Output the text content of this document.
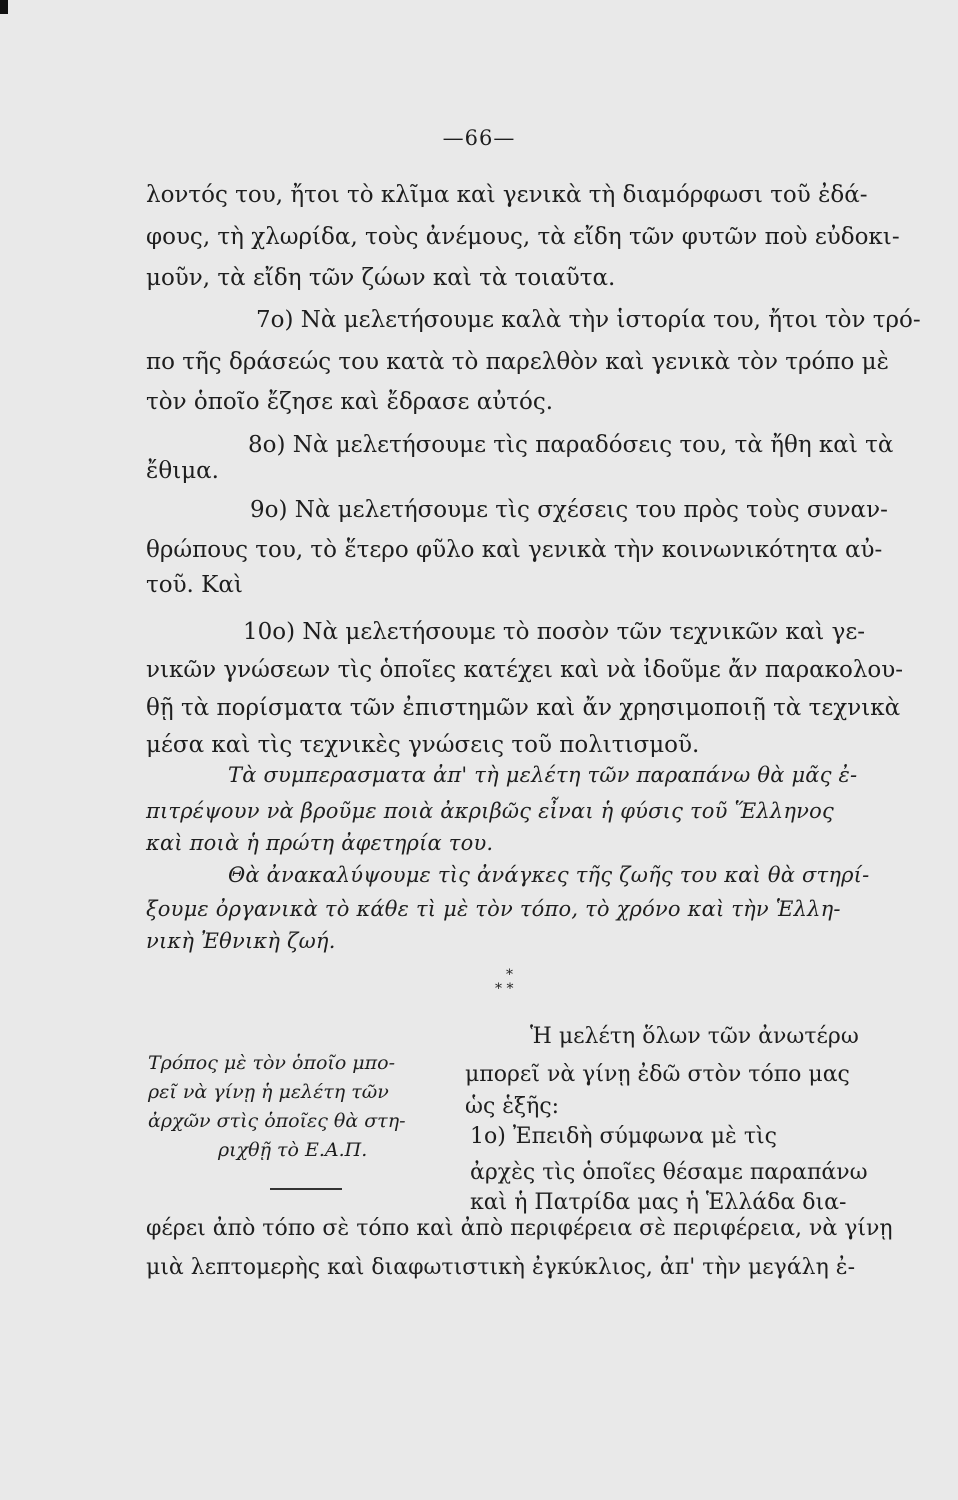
—66—
λοντός του, ἤτοι τὸ κλῖμα καὶ γενικὰ τὴ διαμόρφωσι τοῦ ἐδά-
φους, τὴ χλωρίδα, τοὺς ἀνέμους, τὰ εἴδη τῶν φυτῶν ποὺ εὐδοκι-
μοῦν, τὰ εἴδη τῶν ζώων καὶ τὰ τοιαῦτα.
7ο) Νὰ μελετήσουμε καλὰ τὴν ἱστορία του, ἤτοι τὸν τρό-
πο τῆς δράσεώς του κατὰ τὸ παρελθὸν καὶ γενικὰ τὸν τρόπο μὲ
τὸν ὁποῖο ἔζησε καὶ ἔδρασε αὐτός.
8ο) Νὰ μελετήσουμε τὶς παραδόσεις του, τὰ ἤθη καὶ τὰ
ἔθιμα.
9ο) Νὰ μελετήσουμε τὶς σχέσεις του πρὸς τοὺς συναν-
θρώπους του, τὸ ἕτερο φῦλο καὶ γενικὰ τὴν κοινωνικότητα αὐ-
τοῦ. Καὶ
10ο) Νὰ μελετήσουμε τὸ ποσὸν τῶν τεχνικῶν καὶ γε-
νικῶν γνώσεων τὶς ὁποῖες κατέχει καὶ νὰ ἰδοῦμε ἄν παρακολου-
θῇ τὰ πορίσματα τῶν ἐπιστημῶν καὶ ἄν χρησιμοποιῇ τὰ τεχνικὰ
μέσα καὶ τὶς τεχνικὲς γνώσεις τοῦ πολιτισμοῦ.
Τὰ συμπερασματα ἀπ' τὴ μελέτη τῶν παραπάνω θὰ μᾶς ἐ-
πιτρέψουν νὰ βροῦμε ποιὰ ἀκριβῶς εἶναι ἡ φύσις τοῦ Ἕλληνος
καὶ ποιὰ ἡ πρώτη ἀφετηρία του.
Θὰ ἀνακαλύψουμε τὶς ἀνάγκες τῆς ζωῆς του καὶ θὰ στηρί-
ξουμε ὀργανικὰ τὸ κάθε τὶ μὲ τὸν τόπο, τὸ χρόνο καὶ τὴν Ἑλλη-
νικὴ Ἐθνικὴ ζωή.
*
* *
Τρόπος μὲ τὸν ὁποῖο μπο-
ρεῖ νὰ γίνῃ ἡ μελέτη τῶν
ἀρχῶν στὶς ὁποῖες θὰ στη-
ριχθῇ τὸ Ε.Α.Π.
Ἡ μελέτη ὅλων τῶν ἀνωτέρω
μπορεῖ νὰ γίνῃ ἐδῶ στὸν τόπο μας
ὡς ἑξῆς:
1ο) Ἐπειδὴ σύμφωνα μὲ τὶς
ἀρχὲς τὶς ὁποῖες θέσαμε παραπάνω
καὶ ἡ Πατρίδα μας ἡ Ἑλλάδα δια-
φέρει ἀπὸ τόπο σὲ τόπο καὶ ἀπὸ περιφέρεια σὲ περιφέρεια, νὰ γίνῃ
μιὰ λεπτομερὴς καὶ διαφωτιστικὴ ἐγκύκλιος, ἀπ' τὴν μεγάλη ἐ-
